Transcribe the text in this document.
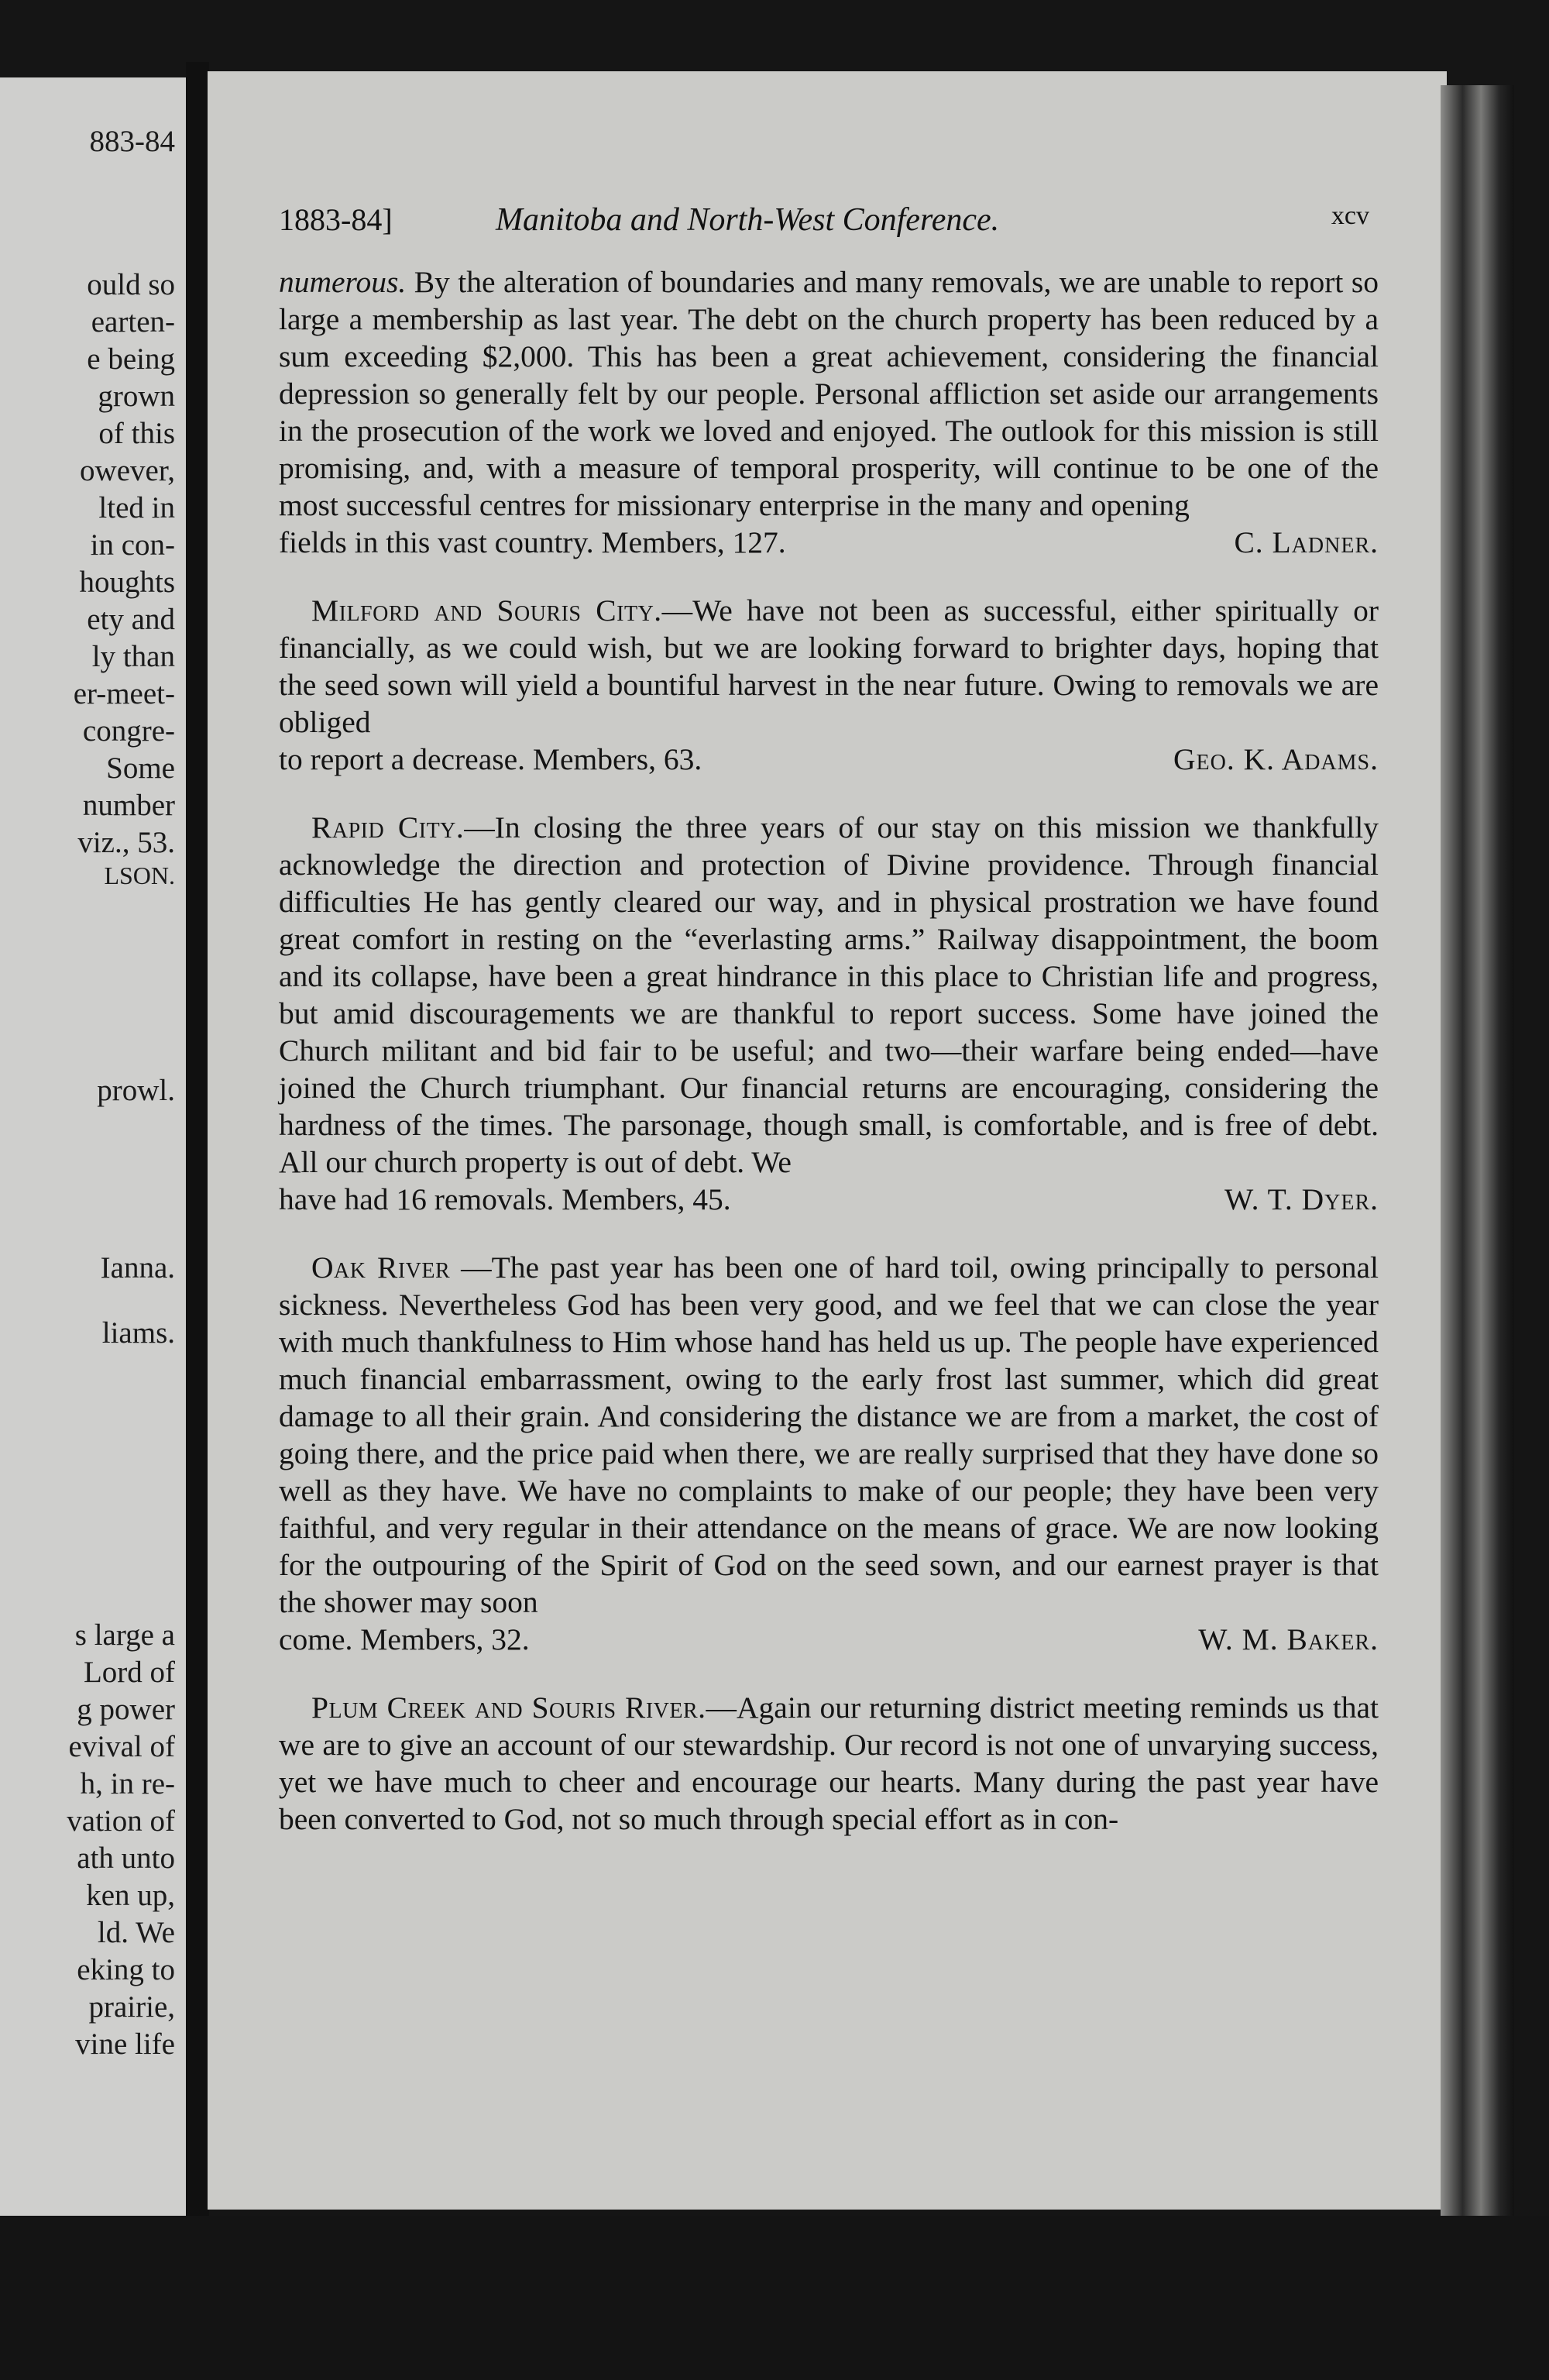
883-84
ould so
earten-
e being
grown
of this
owever,
lted in
in con-
houghts
ety and
ly than
er-meet-
congre-
Some
number
viz., 53.
LSON.
prowl.
Ianna.
liams.
s large a
Lord of
g power
evival of
h, in re-
vation of
ath unto
ken up,
ld. We
eking to
prairie,
vine life
1883-84]	Manitoba and North-West Conference.	xcv
numerous. By the alteration of boundaries and many removals, we are unable to report so large a membership as last year. The debt on the church property has been reduced by a sum exceeding $2,000. This has been a great achievement, considering the financial depression so generally felt by our people. Personal affliction set aside our arrangements in the prosecution of the work we loved and enjoyed. The outlook for this mission is still promising, and, with a measure of temporal prosperity, will continue to be one of the most successful centres for missionary enterprise in the many and opening
fields in this vast country. Members, 127.	C. Ladner.
Milford and Souris City.—We have not been as successful, either spiritually or financially, as we could wish, but we are looking forward to brighter days, hoping that the seed sown will yield a bountiful harvest in the near future. Owing to removals we are obliged
to report a decrease. Members, 63.	Geo. K. Adams.
Rapid City.—In closing the three years of our stay on this mission we thankfully acknowledge the direction and protection of Divine providence. Through financial difficulties He has gently cleared our way, and in physical prostration we have found great comfort in resting on the “everlasting arms.” Railway disappointment, the boom and its collapse, have been a great hindrance in this place to Christian life and progress, but amid discouragements we are thankful to report success. Some have joined the Church militant and bid fair to be useful; and two—their warfare being ended—have joined the Church triumphant. Our financial returns are encouraging, considering the hardness of the times. The parsonage, though small, is comfortable, and is free of debt. All our church property is out of debt. We
have had 16 removals. Members, 45.	W. T. Dyer.
Oak River —The past year has been one of hard toil, owing principally to personal sickness. Nevertheless God has been very good, and we feel that we can close the year with much thankfulness to Him whose hand has held us up. The people have experienced much financial embarrassment, owing to the early frost last summer, which did great damage to all their grain. And considering the distance we are from a market, the cost of going there, and the price paid when there, we are really surprised that they have done so well as they have. We have no complaints to make of our people; they have been very faithful, and very regular in their attendance on the means of grace. We are now looking for the outpouring of the Spirit of God on the seed sown, and our earnest prayer is that the shower may soon
come. Members, 32.	W. M. Baker.
Plum Creek and Souris River.—Again our returning district meeting reminds us that we are to give an account of our stewardship. Our record is not one of unvarying success, yet we have much to cheer and encourage our hearts. Many during the past year have been converted to God, not so much through special effort as in con-
